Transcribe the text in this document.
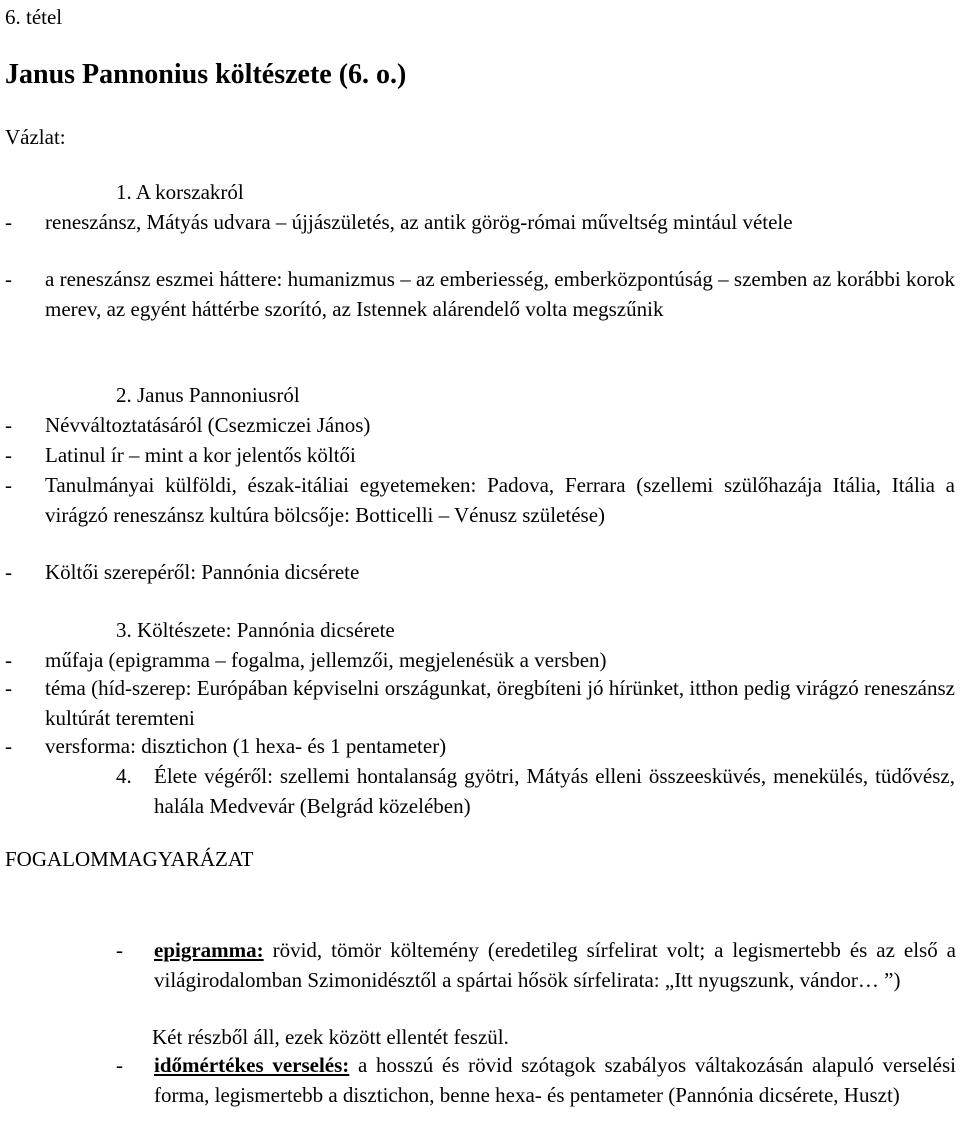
6. tétel
Janus Pannonius költészete (6. o.)
Vázlat:
1. A korszakról
-	reneszánsz, Mátyás udvara – újjászületés, az antik görög-római műveltség mintául vétele
-	a reneszánsz eszmei háttere: humanizmus – az emberiesség, emberközpontúság – szemben az korábbi korok merev, az egyént háttérbe szorító, az Istennek alárendelő volta megszűnik
2. Janus Pannoniusról
-	Névváltoztatásáról (Csezmiczei János)
-	Latinul ír – mint a kor jelentős költői
-	Tanulmányai külföldi, észak-itáliai egyetemeken: Padova, Ferrara (szellemi szülőhazája Itália, Itália a virágzó reneszánsz kultúra bölcsője: Botticelli – Vénusz születése)
-	Költői szerepéről: Pannónia dicsérete
3. Költészete: Pannónia dicsérete
-	műfaja (epigramma – fogalma, jellemzői, megjelenésük a versben)
-	téma (híd-szerep: Európában képviselni országunkat, öregbíteni jó hírünket, itthon pedig virágzó reneszánsz kultúrát teremteni
-	versforma: disztichon (1 hexa- és 1 pentameter)
4. Élete végéről: szellemi hontalanság gyötri, Mátyás elleni összeesküvés, menekülés, tüdővész, halála Medvevár (Belgrád közelében)
FOGALOMMAGYARÁZAT
-	epigramma: rövid, tömör költemény (eredetileg sírfelirat volt; a legismertebb és az első a világirodalomban Szimonidésztől a spártai hősök sírfelirata: „Itt nyugszunk, vándor… ”)
Két részből áll, ezek között ellentét feszül.
-	időmértékes verselés: a hosszú és rövid szótagok szabályos váltakozásán alapuló verselési forma, legismertebb a disztichon, benne hexa- és pentameter (Pannónia dicsérete, Huszt)
